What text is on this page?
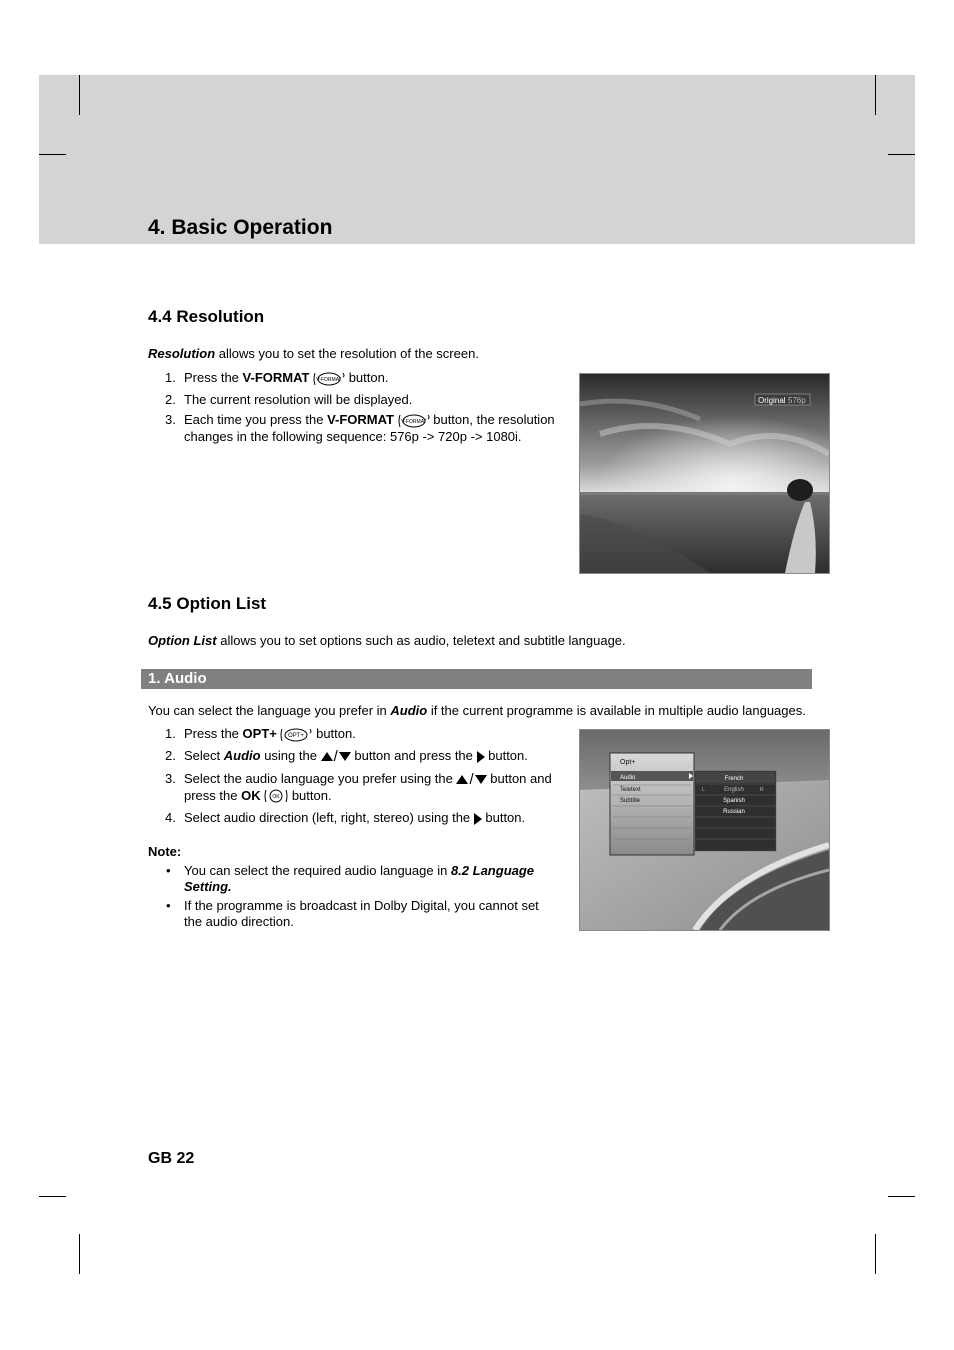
4. Basic Operation
4.4 Resolution

Resolution allows you to set the resolution of the screen.

1. Press the V-FORMAT V-FORMAT button.
2. The current resolution will be displayed.
3. Each time you press the V-FORMAT V-FORMAT button, the resolution changes in the following sequence: 576p -> 720p -> 1080i.
Original 576p
4.5 Option List

Option List allows you to set options such as audio, teletext and subtitle language.

1. Audio

You can select the language you prefer in Audio if the current programme is available in multiple audio languages.

1. Press the OPT+ OPT+ button.
2. Select Audio using the / button and press the  button.
3. Select the audio language you prefer using the / button and press the OK OK button.
4. Select audio direction (left, right, stereo) using the  button.

Note:

• You can select the required audio language in 8.2 Language Setting.
• If the programme is broadcast in Dolby Digital, you cannot set the audio direction.
Opt+
Audio
Teletext
Subtitle
French
L	English	R
Spanish
Russian

GB 22
